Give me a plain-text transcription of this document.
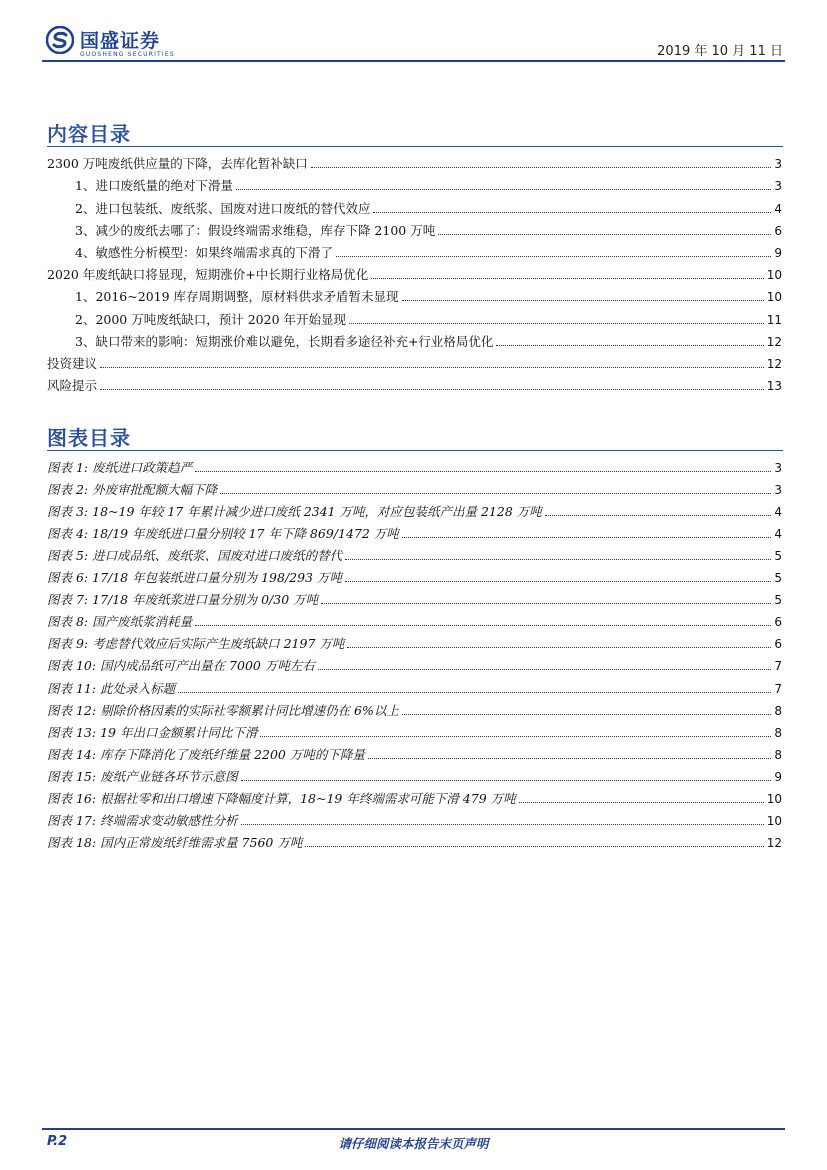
国盛证券
GUOSHENG SECURITIES	2019 年 10 月 11 日
内容目录
2300 万吨废纸供应量的下降，去库化暂补缺口	3
1、进口废纸量的绝对下滑量	3
2、进口包装纸、废纸浆、国废对进口废纸的替代效应	4
3、减少的废纸去哪了：假设终端需求维稳，库存下降 2100 万吨	6
4、敏感性分析模型：如果终端需求真的下滑了	9
2020 年废纸缺口将显现，短期涨价+中长期行业格局优化	10
1、2016~2019 库存周期调整，原材料供求矛盾暂未显现	10
2、2000 万吨废纸缺口，预计 2020 年开始显现	11
3、缺口带来的影响：短期涨价难以避免，长期看多途径补充+行业格局优化	12
投资建议	12
风险提示	13
图表目录
图表 1: 废纸进口政策趋严	3
图表 2: 外废审批配额大幅下降	3
图表 3: 18~19 年较 17 年累计减少进口废纸 2341 万吨，对应包装纸产出量 2128 万吨	4
图表 4: 18/19 年废纸进口量分别较 17 年下降 869/1472 万吨	4
图表 5: 进口成品纸、废纸浆、国废对进口废纸的替代	5
图表 6: 17/18 年包装纸进口量分别为 198/293 万吨	5
图表 7: 17/18 年废纸浆进口量分别为 0/30 万吨	5
图表 8: 国产废纸浆消耗量	6
图表 9: 考虑替代效应后实际产生废纸缺口 2197 万吨	6
图表 10: 国内成品纸可产出量在 7000 万吨左右	7
图表 11: 此处录入标题	7
图表 12: 剔除价格因素的实际社零额累计同比增速仍在 6%以上	8
图表 13: 19 年出口金额累计同比下滑	8
图表 14: 库存下降消化了废纸纤维量 2200 万吨的下降量	8
图表 15: 废纸产业链各环节示意图	9
图表 16: 根据社零和出口增速下降幅度计算，18~19 年终端需求可能下滑 479 万吨	10
图表 17: 终端需求变动敏感性分析	10
图表 18: 国内正常废纸纤维需求量 7560 万吨	12
P.2	请仔细阅读本报告末页声明
